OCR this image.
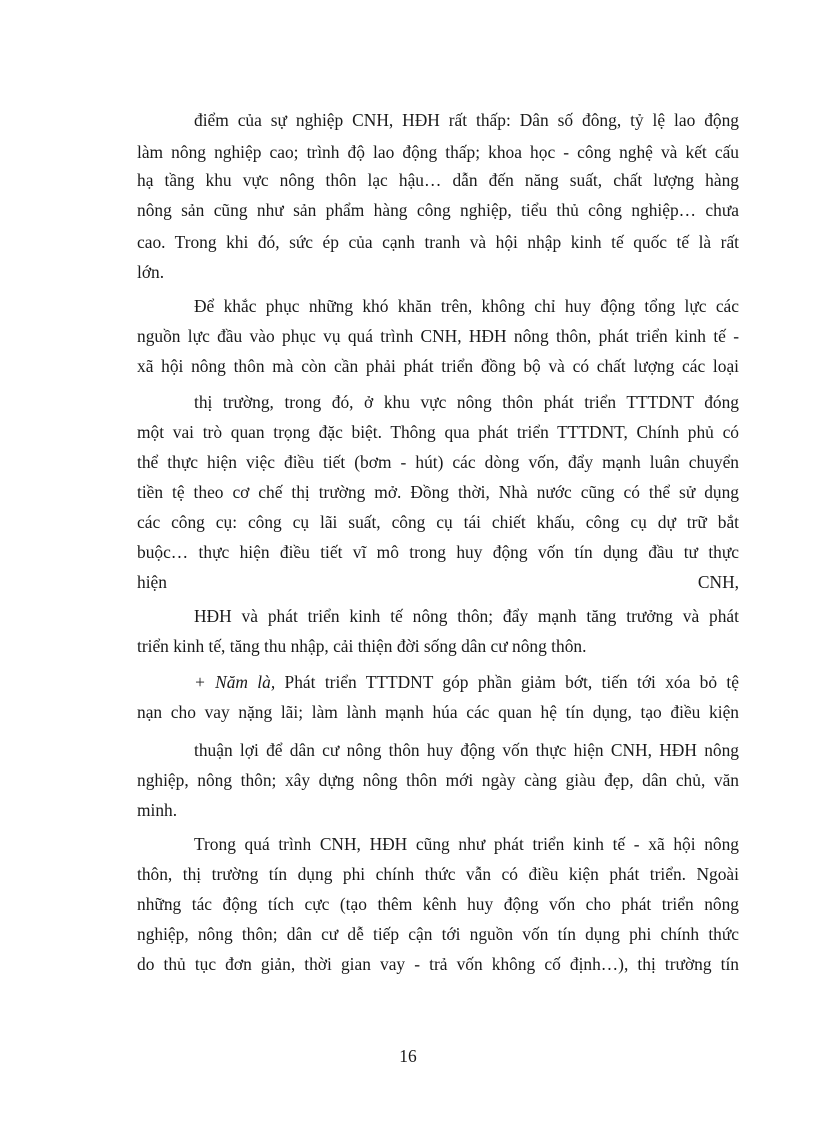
điểm của sự nghiệp CNH, HĐH rất thấp: Dân số đông, tỷ lệ lao động
làm nông nghiệp cao; trình độ lao động thấp; khoa học - công nghệ và kết cấu
hạ tầng khu vực nông thôn lạc hậu… dẫn đến năng suất, chất lượng hàng
nông sản cũng như sản phẩm hàng công nghiệp, tiểu thủ công nghiệp… chưa
cao. Trong khi đó, sức ép của cạnh tranh và hội nhập kinh tế quốc tế là rất
lớn.
Để khắc phục những khó khăn trên, không chỉ huy động tổng lực các
nguồn lực đầu vào phục vụ quá trình CNH, HĐH nông thôn, phát triển kinh tế -
xã hội nông thôn mà còn cần phải phát triển đồng bộ và có chất lượng các loại
thị trường, trong đó, ở khu vực nông thôn phát triển TTTDNT đóng
một vai trò quan trọng đặc biệt. Thông qua phát triển TTTDNT, Chính phủ có
thể thực hiện việc điều tiết (bơm - hút) các dòng vốn, đẩy mạnh luân chuyển
tiền tệ theo cơ chế thị trường mở. Đồng thời, Nhà nước cũng có thể sử dụng
các công cụ: công cụ lãi suất, công cụ tái chiết khấu, công cụ dự trữ bắt
buộc… thực hiện điều tiết vĩ mô trong huy động vốn tín dụng đầu tư thực
hiện	CNH,
HĐH và phát triển kinh tế nông thôn; đẩy mạnh tăng trưởng và phát
triển kinh tế, tăng thu nhập, cải thiện đời sống dân cư nông thôn.
+ Năm là, Phát triển TTTDNT góp phần giảm bớt, tiến tới xóa bỏ tệ
nạn cho vay nặng lãi; làm lành mạnh húa các quan hệ tín dụng, tạo điều kiện
thuận lợi để dân cư nông thôn huy động vốn thực hiện CNH, HĐH nông
nghiệp, nông thôn; xây dựng nông thôn mới ngày càng giàu đẹp, dân chủ, văn
minh.
Trong quá trình CNH, HĐH cũng như phát triển kinh tế - xã hội nông
thôn, thị trường tín dụng phi chính thức vẫn có điều kiện phát triển. Ngoài
những tác động tích cực (tạo thêm kênh huy động vốn cho phát triển nông
nghiệp, nông thôn; dân cư dễ tiếp cận tới nguồn vốn tín dụng phi chính thức
do thủ tục đơn giản, thời gian vay - trả vốn không cố định…), thị trường tín
16
